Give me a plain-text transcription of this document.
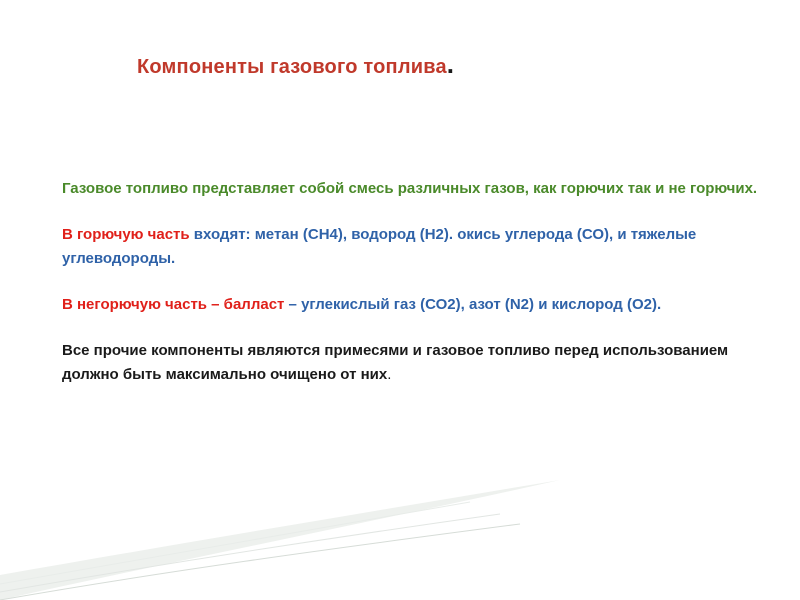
Компоненты газового топлива.

Газовое топливо представляет собой смесь различных газов, как горючих так и не горючих.

В горючую часть входят: метан (СН4), водород (Н2). окись углерода (СО), и тяжелые углеводороды.

В негорючую часть – балласт – углекислый газ (СО2), азот (N2) и кислород (О2).

Все прочие компоненты являются примесями и газовое топливо перед использованием должно быть максимально очищено от них.
